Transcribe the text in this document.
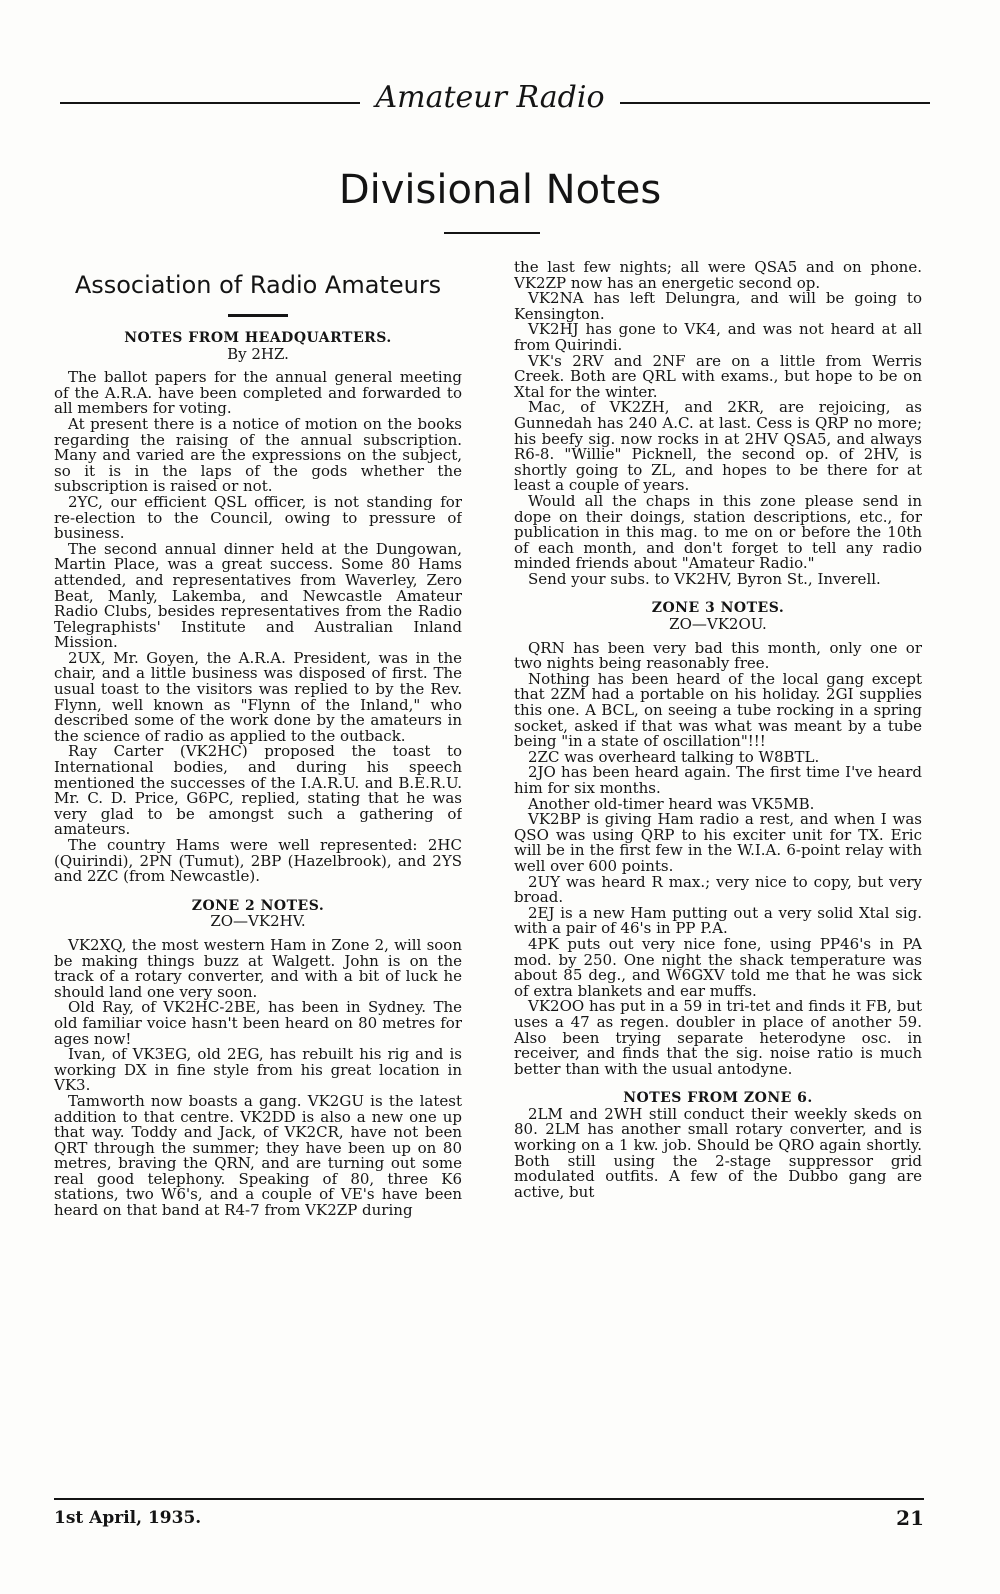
Amateur Radio
Divisional Notes
Association of Radio Amateurs

NOTES FROM HEADQUARTERS.

By 2HZ.

The ballot papers for the annual general meeting of the A.R.A. have been completed and forwarded to all members for voting.

At present there is a notice of motion on the books regarding the raising of the annual subscription. Many and varied are the expressions on the subject, so it is in the laps of the gods whether the subscription is raised or not.

2YC, our efficient QSL officer, is not standing for re-election to the Council, owing to pressure of business.

The second annual dinner held at the Dungowan, Martin Place, was a great success. Some 80 Hams attended, and representatives from Waverley, Zero Beat, Manly, Lakemba, and Newcastle Amateur Radio Clubs, besides representatives from the Radio Telegraphists' Institute and Australian Inland Mission.

2UX, Mr. Goyen, the A.R.A. President, was in the chair, and a little business was disposed of first. The usual toast to the visitors was replied to by the Rev. Flynn, well known as "Flynn of the Inland," who described some of the work done by the amateurs in the science of radio as applied to the outback.

Ray Carter (VK2HC) proposed the toast to International bodies, and during his speech mentioned the successes of the I.A.R.U. and B.E.R.U. Mr. C. D. Price, G6PC, replied, stating that he was very glad to be amongst such a gathering of amateurs.

The country Hams were well represented: 2HC (Quirindi), 2PN (Tumut), 2BP (Hazelbrook), and 2YS and 2ZC (from Newcastle).

ZONE 2 NOTES.

ZO—VK2HV.

VK2XQ, the most western Ham in Zone 2, will soon be making things buzz at Walgett. John is on the track of a rotary converter, and with a bit of luck he should land one very soon.

Old Ray, of VK2HC-2BE, has been in Sydney. The old familiar voice hasn't been heard on 80 metres for ages now!

Ivan, of VK3EG, old 2EG, has rebuilt his rig and is working DX in fine style from his great location in VK3.

Tamworth now boasts a gang. VK2GU is the latest addition to that centre. VK2DD is also a new one up that way. Toddy and Jack, of VK2CR, have not been QRT through the summer; they have been up on 80 metres, braving the QRN, and are turning out some real good telephony. Speaking of 80, three K6 stations, two W6's, and a couple of VE's have been heard on that band at R4-7 from VK2ZP during

the last few nights; all were QSA5 and on phone. VK2ZP now has an energetic second op.

VK2NA has left Delungra, and will be going to Kensington.

VK2HJ has gone to VK4, and was not heard at all from Quirindi.

VK's 2RV and 2NF are on a little from Werris Creek. Both are QRL with exams., but hope to be on Xtal for the winter.

Mac, of VK2ZH, and 2KR, are rejoicing, as Gunnedah has 240 A.C. at last. Cess is QRP no more; his beefy sig. now rocks in at 2HV QSA5, and always R6-8. "Willie" Picknell, the second op. of 2HV, is shortly going to ZL, and hopes to be there for at least a couple of years.

Would all the chaps in this zone please send in dope on their doings, station descriptions, etc., for publication in this mag. to me on or before the 10th of each month, and don't forget to tell any radio minded friends about "Amateur Radio."

Send your subs. to VK2HV, Byron St., Inverell.

ZONE 3 NOTES.

ZO—VK2OU.

QRN has been very bad this month, only one or two nights being reasonably free.

Nothing has been heard of the local gang except that 2ZM had a portable on his holiday. 2GI supplies this one. A BCL, on seeing a tube rocking in a spring socket, asked if that was what was meant by a tube being "in a state of oscillation"!!!

2ZC was overheard talking to W8BTL.

2JO has been heard again. The first time I've heard him for six months.

Another old-timer heard was VK5MB.

VK2BP is giving Ham radio a rest, and when I was QSO was using QRP to his exciter unit for TX. Eric will be in the first few in the W.I.A. 6-point relay with well over 600 points.

2UY was heard R max.; very nice to copy, but very broad.

2EJ is a new Ham putting out a very solid Xtal sig. with a pair of 46's in PP P.A.

4PK puts out very nice fone, using PP46's in PA mod. by 250. One night the shack temperature was about 85 deg., and W6GXV told me that he was sick of extra blankets and ear muffs.

VK2OO has put in a 59 in tri-tet and finds it FB, but uses a 47 as regen. doubler in place of another 59. Also been trying separate heterodyne osc. in receiver, and finds that the sig. noise ratio is much better than with the usual antodyne.

NOTES FROM ZONE 6.

2LM and 2WH still conduct their weekly skeds on 80. 2LM has another small rotary converter, and is working on a 1 kw. job. Should be QRO again shortly. Both still using the 2-stage suppressor grid modulated outfits. A few of the Dubbo gang are active, but

1st April, 1935.	21
